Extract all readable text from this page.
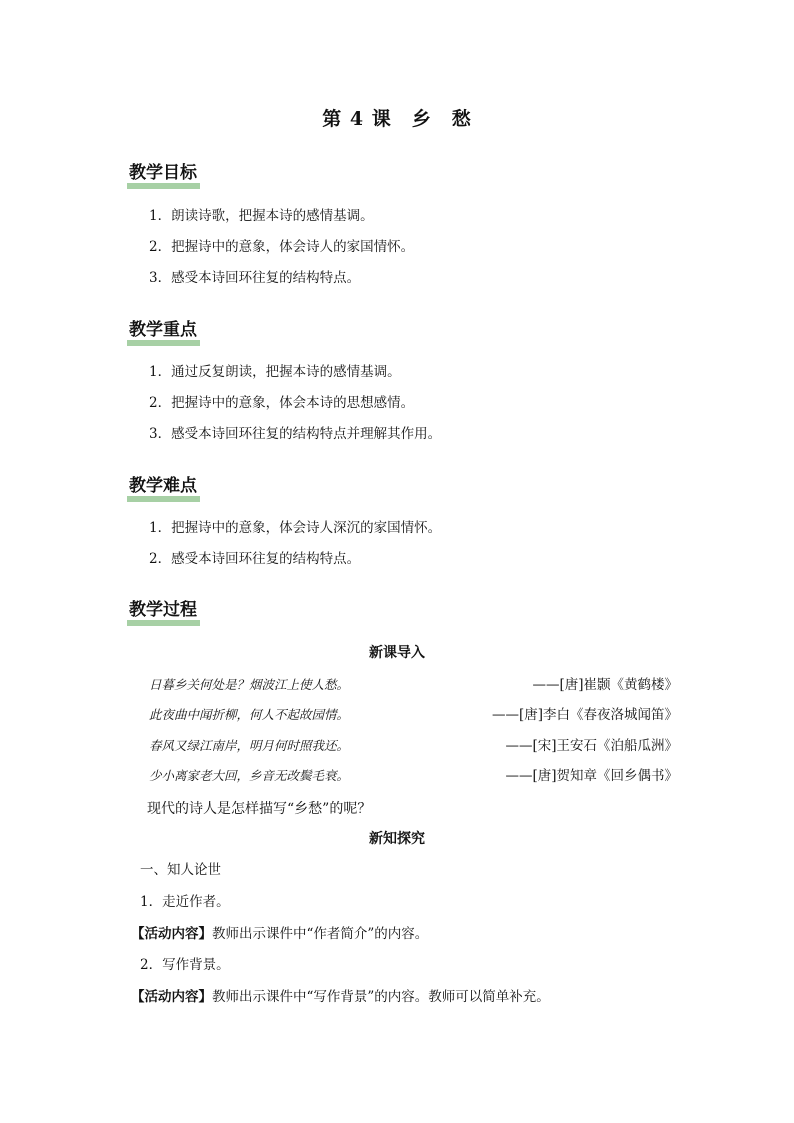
第 4 课　乡　愁
教学目标
1．朗读诗歌，把握本诗的感情基调。
2．把握诗中的意象，体会诗人的家国情怀。
3．感受本诗回环往复的结构特点。
教学重点
1．通过反复朗读，把握本诗的感情基调。
2．把握诗中的意象，体会本诗的思想感情。
3．感受本诗回环往复的结构特点并理解其作用。
教学难点
1．把握诗中的意象，体会诗人深沉的家国情怀。
2．感受本诗回环往复的结构特点。
教学过程
新课导入
日暮乡关何处是？烟波江上使人愁。	——[唐]崔颢《黄鹤楼》
此夜曲中闻折柳，何人不起故园情。	——[唐]李白《春夜洛城闻笛》
春风又绿江南岸，明月何时照我还。	——[宋]王安石《泊船瓜洲》
少小离家老大回，乡音无改鬓毛衰。	——[唐]贺知章《回乡偶书》
现代的诗人是怎样描写“乡愁”的呢？
新知探究
一、知人论世
1．走近作者。
【活动内容】教师出示课件中“作者简介”的内容。
2．写作背景。
【活动内容】教师出示课件中“写作背景”的内容。教师可以简单补充。
